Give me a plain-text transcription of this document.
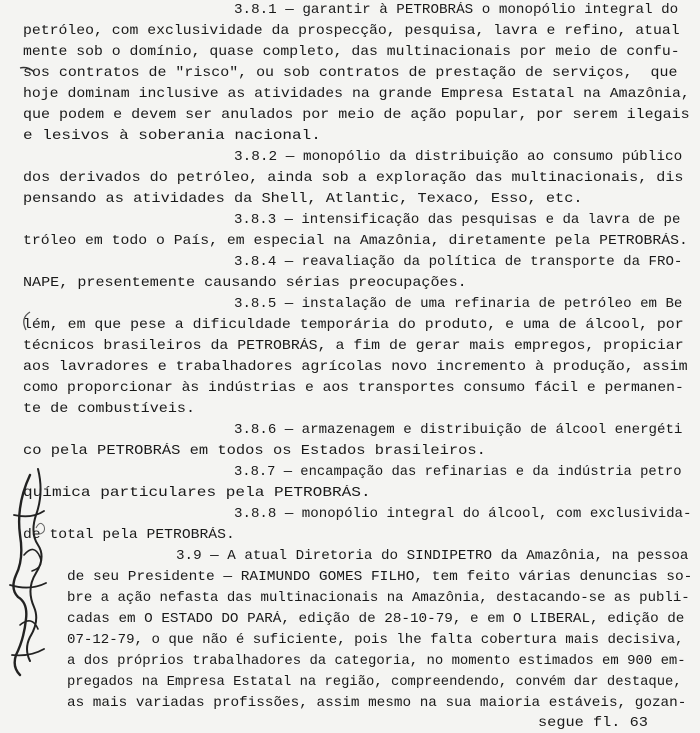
3.8.1 — garantir à PETROBRÁS o monopólio integral do
petróleo, com exclusividade da prospecção, pesquisa, lavra e refino, atual
mente sob o domínio, quase completo, das multinacionais por meio de confu-
sos contratos de "risco", ou sob contratos de prestação de serviços,  que
hoje dominam inclusive as atividades na grande Empresa Estatal na Amazônia,
que podem e devem ser anulados por meio de ação popular, por serem ilegais
e lesivos à soberania nacional.
3.8.2 — monopólio da distribuição ao consumo público
dos derivados do petróleo, ainda sob a exploração das multinacionais, dis
pensando as atividades da Shell, Atlantic, Texaco, Esso, etc.
3.8.3 — intensificação das pesquisas e da lavra de pe
tróleo em todo o País, em especial na Amazônia, diretamente pela PETROBRÁS.
3.8.4 — reavaliação da política de transporte da FRO-
NAPE, presentemente causando sérias preocupações.
3.8.5 — instalação de uma refinaria de petróleo em Be
lém, em que pese a dificuldade temporária do produto, e uma de álcool, por
técnicos brasileiros da PETROBRÁS, a fim de gerar mais empregos, propiciar
aos lavradores e trabalhadores agrícolas novo incremento à produção, assim
como proporcionar às indústrias e aos transportes consumo fácil e permanen-
te de combustíveis.
3.8.6 — armazenagem e distribuição de álcool energéti
co pela PETROBRÁS em todos os Estados brasileiros.
3.8.7 — encampação das refinarias e da indústria petro
química particulares pela PETROBRÁS.
3.8.8 — monopólio integral do álcool, com exclusivida-
de total pela PETROBRÁS.
3.9 — A atual Diretoria do SINDIPETRO da Amazônia, na pessoa
de seu Presidente — RAIMUNDO GOMES FILHO, tem feito várias denuncias so-
bre a ação nefasta das multinacionais na Amazônia, destacando-se as publi-
cadas em O ESTADO DO PARÁ, edição de 28-10-79, e em O LIBERAL, edição de
07-12-79, o que não é suficiente, pois lhe falta cobertura mais decisiva,
a dos próprios trabalhadores da categoria, no momento estimados em 900 em-
pregados na Empresa Estatal na região, compreendendo, convém dar destaque,
as mais variadas profissões, assim mesmo na sua maioria estáveis, gozan-
segue fl. 63
